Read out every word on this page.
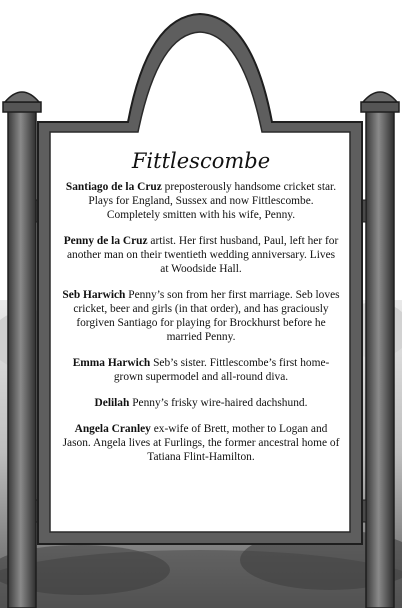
Fittlescombe

Santiago de la Cruz preposterously handsome cricket star. Plays for England, Sussex and now Fittlescombe. Completely smitten with his wife, Penny.

Penny de la Cruz artist. Her first husband, Paul, left her for another man on their twentieth wedding anniversary. Lives at Woodside Hall.

Seb Harwich Penny’s son from her first marriage. Seb loves cricket, beer and girls (in that order), and has graciously forgiven Santiago for playing for Brockhurst before he married Penny.

Emma Harwich Seb’s sister. Fittlescombe’s first home-grown supermodel and all-round diva.

Delilah Penny’s frisky wire-haired dachshund.

Angela Cranley ex-wife of Brett, mother to Logan and Jason. Angela lives at Furlings, the former ancestral home of Tatiana Flint-Hamilton.
